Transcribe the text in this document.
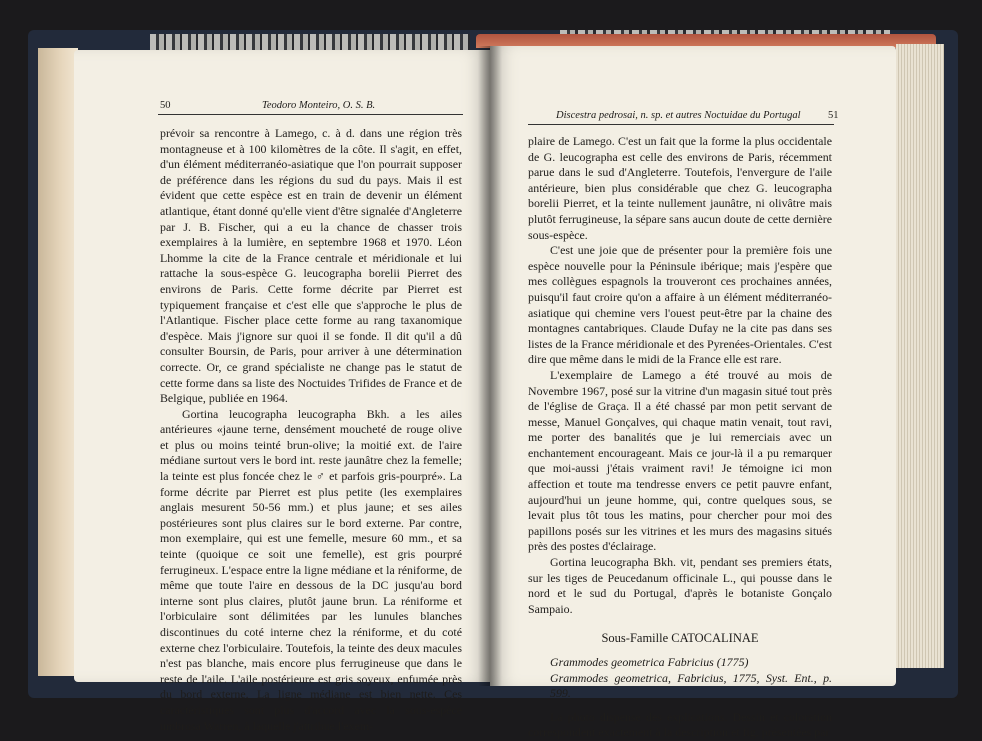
50	Teodoro Monteiro, O. S. B.

prévoir sa rencontre à Lamego, c. à d. dans une région très montagneuse et à 100 kilomètres de la côte. Il s'agit, en effet, d'un élément méditerranéo-asiatique que l'on pourrait supposer de préférence dans les régions du sud du pays. Mais il est évident que cette espèce est en train de devenir un élément atlantique, étant donné qu'elle vient d'être signalée d'Angleterre par J. B. Fischer, qui a eu la chance de chasser trois exemplaires à la lumière, en septembre 1968 et 1970. Léon Lhomme la cite de la France centrale et méridionale et lui rattache la sous-espèce G. leucographa borelii Pierret des environs de Paris. Cette forme décrite par Pierret est typiquement française et c'est elle que s'approche le plus de l'Atlantique. Fischer place cette forme au rang taxanomique d'espèce. Mais j'ignore sur quoi il se fonde. Il dit qu'il a dû consulter Boursin, de Paris, pour arriver à une détermination correcte. Or, ce grand spécialiste ne change pas le statut de cette forme dans sa liste des Noctuides Trifides de France et de Belgique, publiée en 1964.

Gortina leucographa leucographa Bkh. a les ailes antérieures «jaune terne, densément moucheté de rouge olive et plus ou moins teinté brun-olive; la moitié ext. de l'aire médiane surtout vers le bord int. reste jaunâtre chez la femelle; la teinte est plus foncée chez le ♂ et parfois gris-pourpré». La forme décrite par Pierret est plus petite (les exemplaires anglais mesurent 50-56 mm.) et plus jaune; et ses ailes postérieures sont plus claires sur le bord externe. Par contre, mon exemplaire, qui est une femelle, mesure 60 mm., et sa teinte (quoique ce soit une femelle), est gris pourpré ferrugineux. L'espace entre la ligne médiane et la réniforme, de même que toute l'aire en dessous de la DC jusqu'au bord interne sont plus claires, plutôt jaune brun. La réniforme et l'orbiculaire sont délimitées par les lunules blanches discontinues du coté interne chez la réniforme, et du coté externe chez l'orbiculaire. Toutefois, la teinte des deux macules n'est pas blanche, mais encore plus ferrugineuse que dans le reste de l'aile. L'aile postérieure est gris soyeux, enfumée près du bord externe. La ligne médiane est bien nette. Ces caractéristiques sont plus d'accord avec la sous-espèce umbrosa Warren, à laquelle j'attribue l'exem-

Discestra pedrosai, n. sp. et autres Noctuidae du Portugal	51

plaire de Lamego. C'est un fait que la forme la plus occidentale de G. leucographa est celle des environs de Paris, récemment parue dans le sud d'Angleterre. Toutefois, l'envergure de l'aile antérieure, bien plus considérable que chez G. leucographa borelii Pierret, et la teinte nullement jaunâtre, ni olivâtre mais plutôt ferrugineuse, la sépare sans aucun doute de cette dernière sous-espèce.

C'est une joie que de présenter pour la première fois une espèce nouvelle pour la Péninsule ibérique; mais j'espère que mes collègues espagnols la trouveront ces prochaines années, puisqu'il faut croire qu'on a affaire à un élément méditerranéo-asiatique qui chemine vers l'ouest peut-être par la chaine des montagnes cantabriques. Claude Dufay ne la cite pas dans ses listes de la France méridionale et des Pyrenées-Orientales. C'est dire que même dans le midi de la France elle est rare.

L'exemplaire de Lamego a été trouvé au mois de Novembre 1967, posé sur la vitrine d'un magasin situé tout près de l'église de Graça. Il a été chassé par mon petit servant de messe, Manuel Gonçalves, qui chaque matin venait, tout ravi, me porter des banalités que je lui remerciais avec un enchantement encourageant. Mais ce jour-là il a pu remarquer que moi-aussi j'étais vraiment ravi! Je témoigne ici mon affection et toute ma tendresse envers ce petit pauvre enfant, aujourd'hui un jeune homme, qui, contre quelques sous, se levait plus tôt tous les matins, pour chercher pour moi des papillons posés sur les vitrines et les murs des magasins situés près des postes d'éclairage.

Gortina leucographa Bkh. vit, pendant ses premiers états, sur les tiges de Peucedanum officinale L., qui pousse dans le nord et le sud du Portugal, d'après le botaniste Gonçalo Sampaio.

Sous-Famille CATOCALINAE

Grammodes geometrica Fabricius (1775)

Grammodes geometrica, Fabricius, 1775, Syst. Ent., p. 599.

La photo dispense des explications. Dessin et coloration correspondent exactement à la description et fig. présentées par
